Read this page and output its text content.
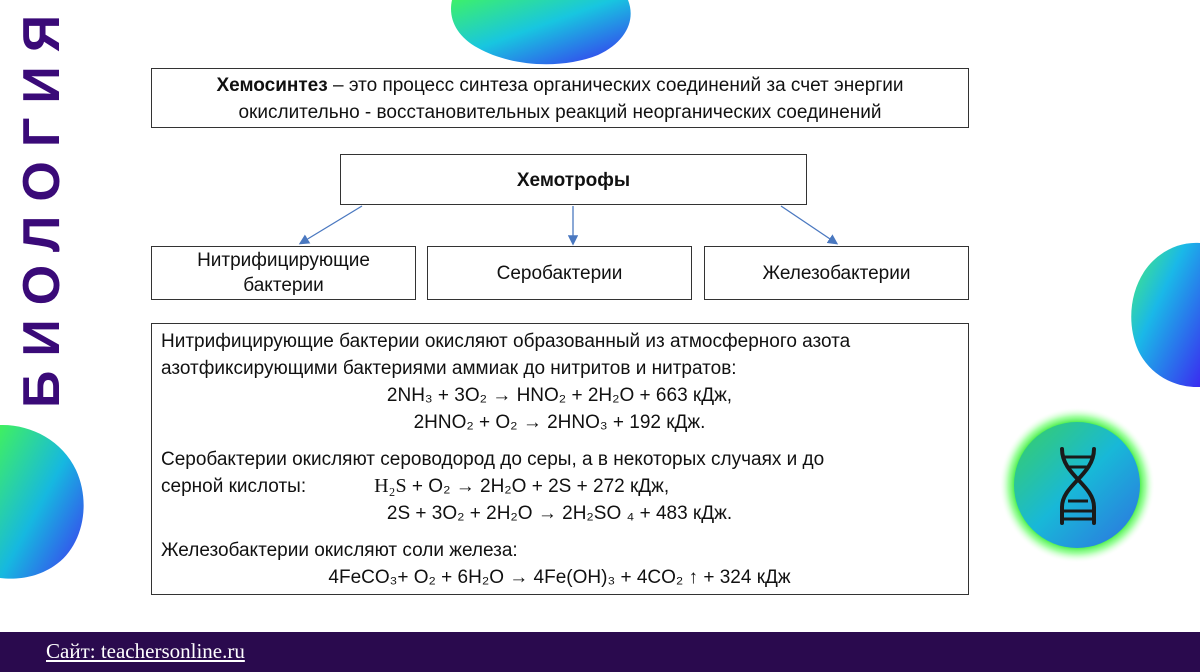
БИОЛОГИЯ	Хемосинтез – это процесс синтеза органических соединений за счет энергии
окислительно - восстановительных реакций неорганических соединений
Хемотрофы
Нитрифицирующие
бактерии
Серобактерии	Железобактерии
Нитрифицирующие бактерии окисляют образованный из атмосферного азота
азотфиксирующими бактериями аммиак до нитритов и нитратов:
2NH₃ + 3O₂ → HNO₂ + 2H₂O + 663 кДж,
2HNO₂ + O₂ → 2HNO₃ + 192 кДж.
Серобактерии окисляют сероводород до серы, а в некоторых случаях и до
серной кислоты:	H₂S + O₂ → 2H₂O + 2S + 272 кДж,
2S + 3O₂ + 2H₂O → 2H₂SO ₄ + 483 кДж.
Железобактерии окисляют соли железа:
4FeCO₃+ O₂ + 6H₂O → 4Fe(OH)₃ + 4CO₂ ↑ + 324 кДж
Сайт: teachersonline.ru
